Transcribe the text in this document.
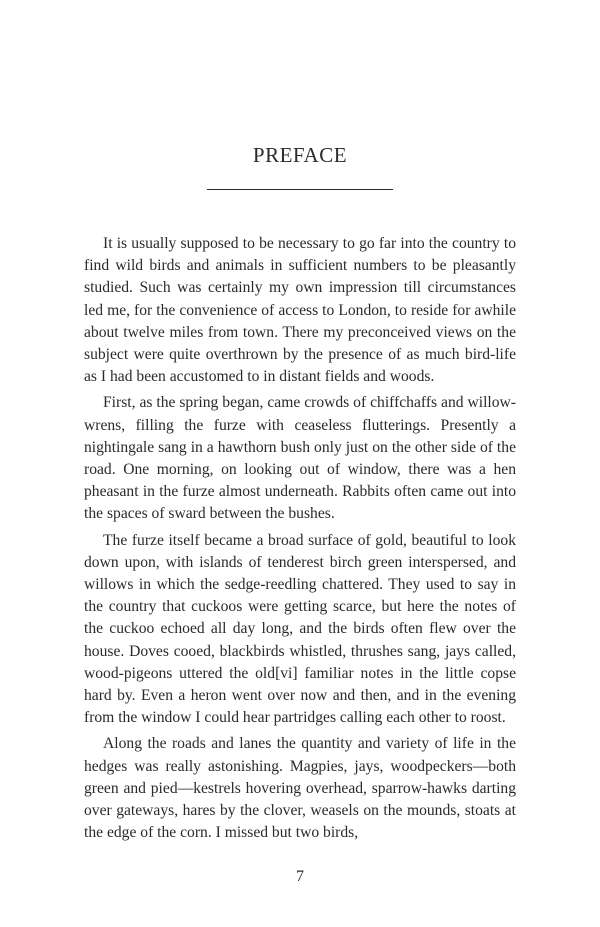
PREFACE

It is usually supposed to be necessary to go far into the country to find wild birds and animals in sufficient numbers to be pleasantly studied. Such was certainly my own impression till circumstances led me, for the convenience of access to London, to reside for awhile about twelve miles from town. There my preconceived views on the subject were quite overthrown by the presence of as much bird-life as I had been accustomed to in distant fields and woods.

First, as the spring began, came crowds of chiffchaffs and willow-wrens, filling the furze with ceaseless flutterings. Presently a nightingale sang in a hawthorn bush only just on the other side of the road. One morning, on looking out of window, there was a hen pheasant in the furze almost underneath. Rabbits often came out into the spaces of sward between the bushes.

The furze itself became a broad surface of gold, beautiful to look down upon, with islands of tenderest birch green interspersed, and willows in which the sedge-reedling chattered. They used to say in the country that cuckoos were getting scarce, but here the notes of the cuckoo echoed all day long, and the birds often flew over the house. Doves cooed, blackbirds whistled, thrushes sang, jays called, wood-pigeons uttered the old[vi] familiar notes in the little copse hard by. Even a heron went over now and then, and in the evening from the window I could hear partridges calling each other to roost.

Along the roads and lanes the quantity and variety of life in the hedges was really astonishing. Magpies, jays, woodpeckers—both green and pied—kestrels hovering overhead, sparrow-hawks darting over gateways, hares by the clover, weasels on the mounds, stoats at the edge of the corn. I missed but two birds,

7
